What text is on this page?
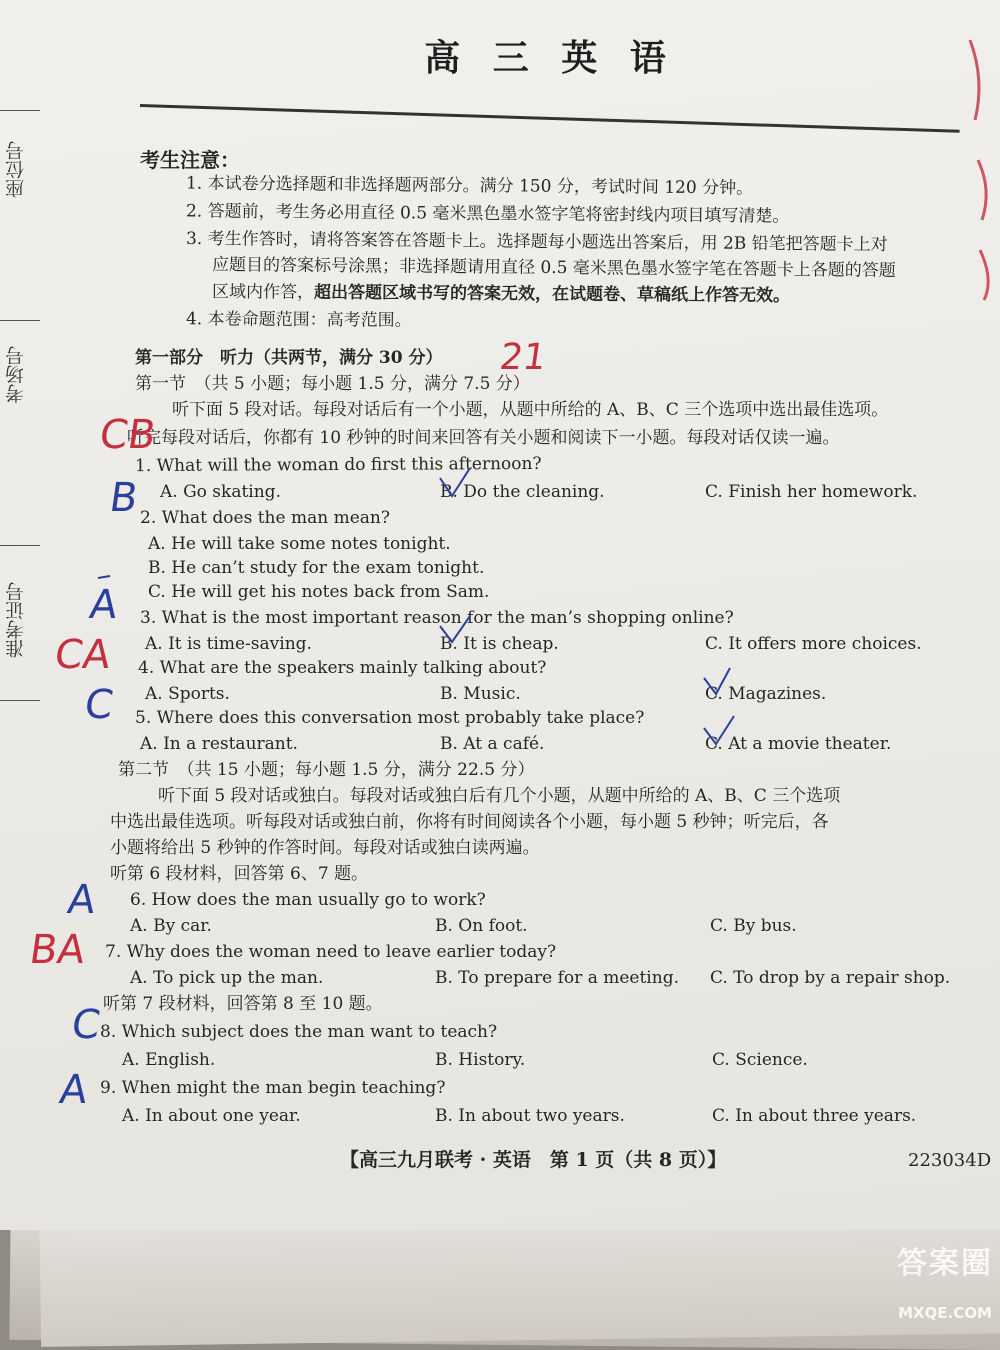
座位号
考场号
准考证号
高 三 英 语
考生注意：
1. 本试卷分选择题和非选择题两部分。满分 150 分，考试时间 120 分钟。
2. 答题前，考生务必用直径 0.5 毫米黑色墨水签字笔将密封线内项目填写清楚。
3. 考生作答时，请将答案答在答题卡上。选择题每小题选出答案后，用 2B 铅笔把答题卡上对
应题目的答案标号涂黑；非选择题请用直径 0.5 毫米黑色墨水签字笔在答题卡上各题的答题
区域内作答，超出答题区域书写的答案无效，在试题卷、草稿纸上作答无效。
4. 本卷命题范围：高考范围。
第一部分　听力（共两节，满分 30 分）
第一节　（共 5 小题；每小题 1.5 分，满分 7.5 分）
听下面 5 段对话。每段对话后有一个小题，从题中所给的 A、B、C 三个选项中选出最佳选项。
听完每段对话后，你都有 10 秒钟的时间来回答有关小题和阅读下一小题。每段对话仅读一遍。
1. What will the woman do first this afternoon?
A. Go skating.	B. Do the cleaning.	C. Finish her homework.
2. What does the man mean?
A. He will take some notes tonight.
B. He can’t study for the exam tonight.
C. He will get his notes back from Sam.
3. What is the most important reason for the man’s shopping online?
A. It is time-saving.	B. It is cheap.	C. It offers more choices.
4. What are the speakers mainly talking about?
A. Sports.	B. Music.	C. Magazines.
5. Where does this conversation most probably take place?
A. In a restaurant.	B. At a café.	C. At a movie theater.
第二节　（共 15 小题；每小题 1.5 分，满分 22.5 分）
听下面 5 段对话或独白。每段对话或独白后有几个小题，从题中所给的 A、B、C 三个选项
中选出最佳选项。听每段对话或独白前，你将有时间阅读各个小题，每小题 5 秒钟；听完后，各
小题将给出 5 秒钟的作答时间。每段对话或独白读两遍。
听第 6 段材料，回答第 6、7 题。
6. How does the man usually go to work?
A. By car.	B. On foot.	C. By bus.
7. Why does the woman need to leave earlier today?
A. To pick up the man.	B. To prepare for a meeting. C. To drop by a repair shop.
听第 7 段材料，回答第 8 至 10 题。
8. Which subject does the man want to teach?
A. English.	B. History.	C. Science.
9. When might the man begin teaching?
A. In about one year.	B. In about two years.	C. In about three years.
【高三九月联考 · 英语　第 1 页（共 8 页）】	223034D
CB
21
B
A
CA
C
A
BA
C
A
答案圈
MXQE.COM
